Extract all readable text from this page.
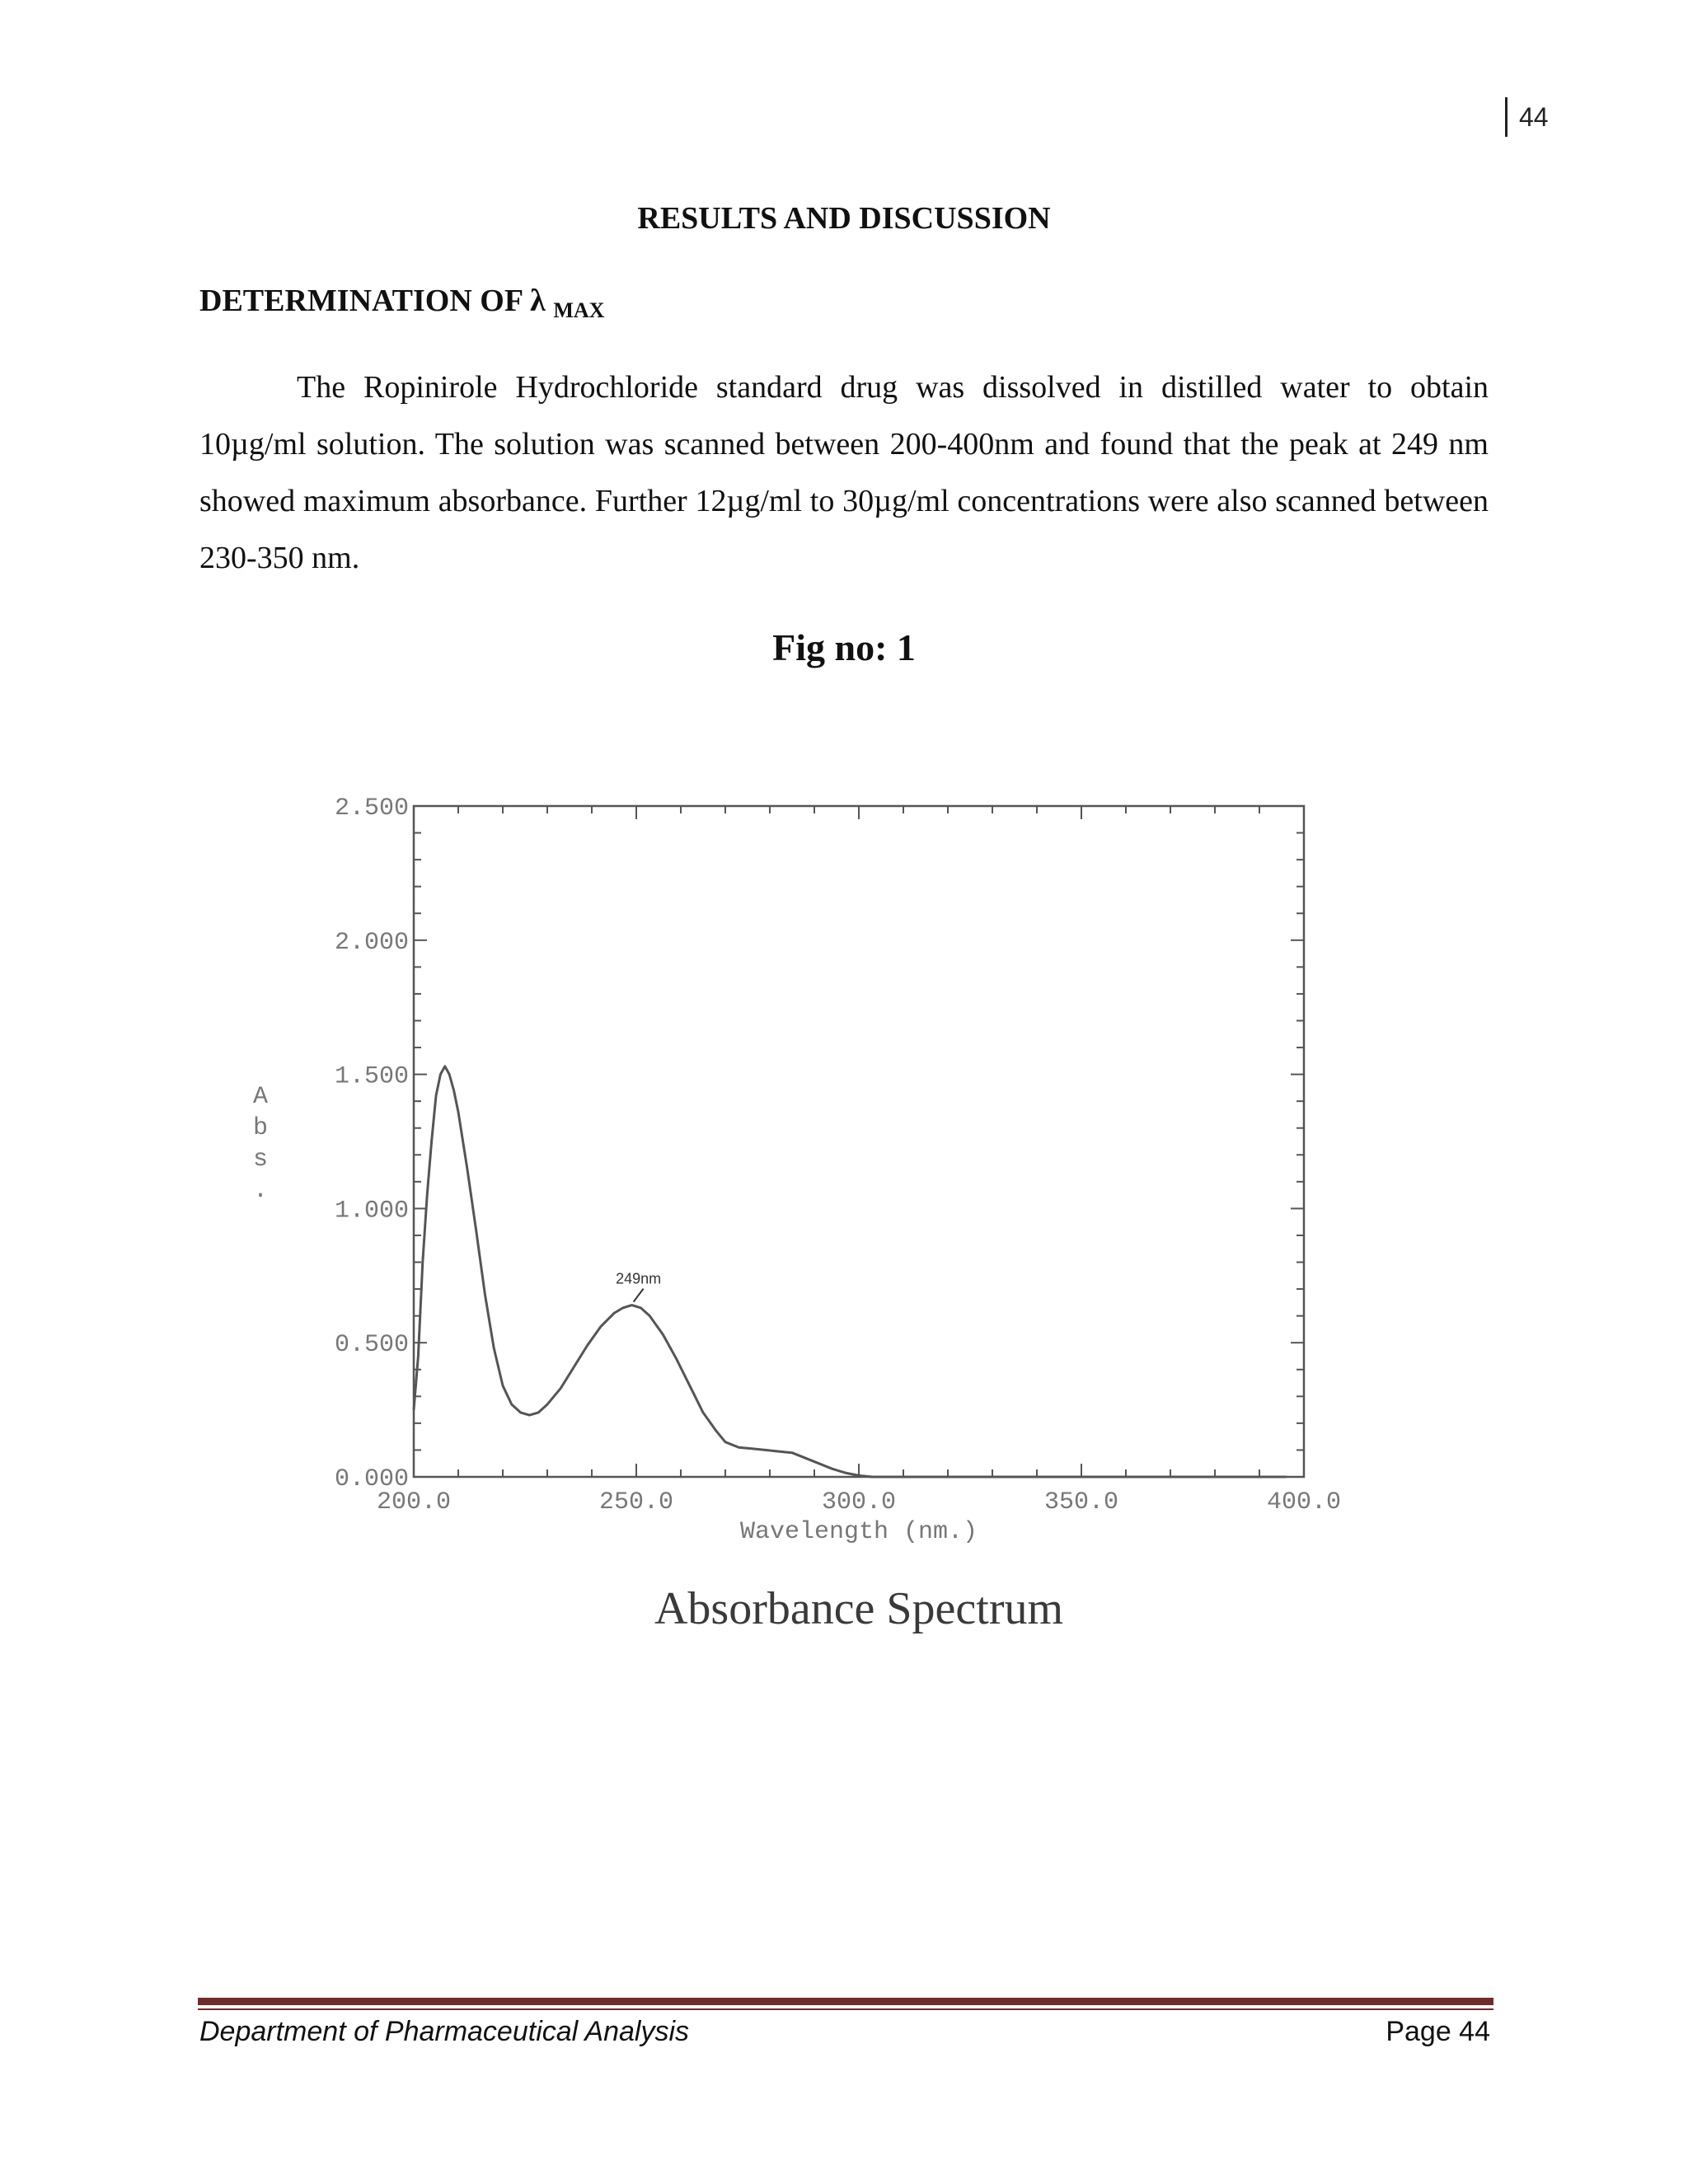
44
RESULTS AND DISCUSSION
DETERMINATION OF λ $_{MAX}$

The Ropinirole Hydrochloride standard drug was dissolved in distilled water to obtain 10µg/ml solution. The solution was scanned between 200-400nm and found that the peak at 249 nm showed maximum absorbance. Further 12µg/ml to 30µg/ml concentrations were also scanned between 230-350 nm.

Fig no: 1

0.000
0.500
1.000
1.500
2.000
2.500
200.0	250.0	300.0	350.0	400.0
249nm
Wavelength (nm.)
Absorbance Spectrum
A
b
s
.
Department of Pharmaceutical Analysis	Page 44
